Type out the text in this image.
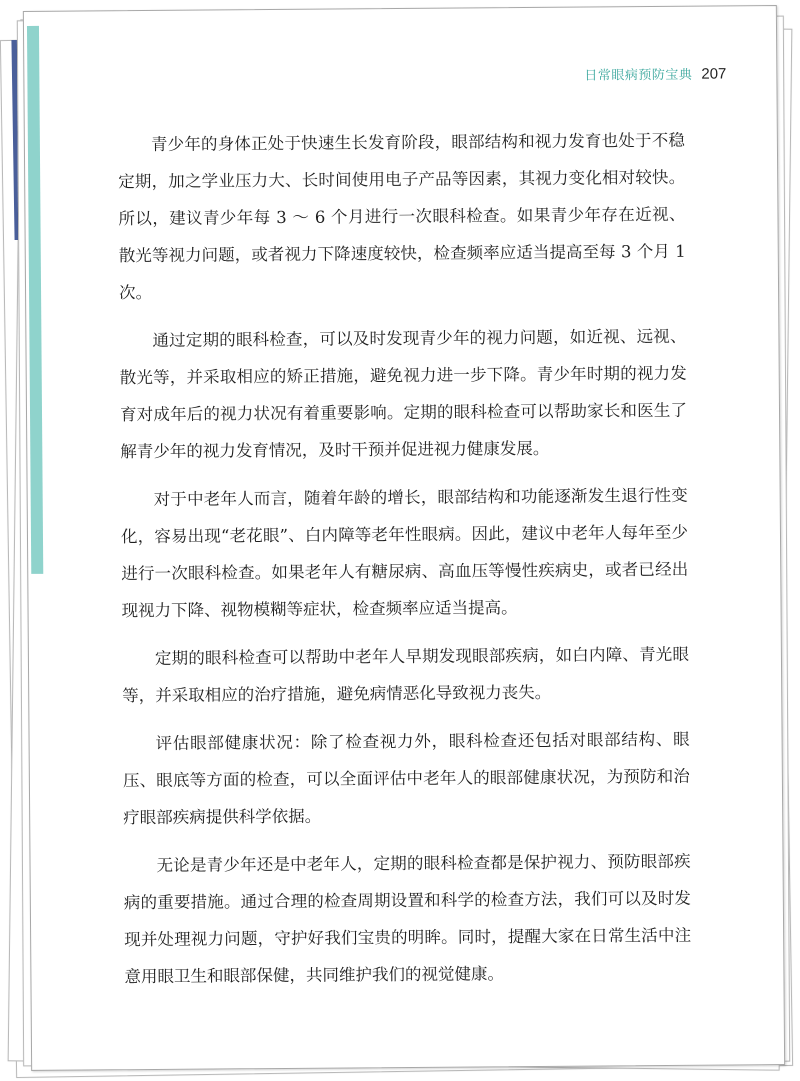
日常眼病预防宝典 207

青少年的身体正处于快速生长发育阶段，眼部结构和视力发育也处于不稳定期，加之学业压力大、长时间使用电子产品等因素，其视力变化相对较快。所以，建议青少年每 3 ～ 6 个月进行一次眼科检查。如果青少年存在近视、散光等视力问题，或者视力下降速度较快，检查频率应适当提高至每 3 个月 1 次。

通过定期的眼科检查，可以及时发现青少年的视力问题，如近视、远视、散光等，并采取相应的矫正措施，避免视力进一步下降。青少年时期的视力发育对成年后的视力状况有着重要影响。定期的眼科检查可以帮助家长和医生了解青少年的视力发育情况，及时干预并促进视力健康发展。

对于中老年人而言，随着年龄的增长，眼部结构和功能逐渐发生退行性变化，容易出现“老花眼”、白内障等老年性眼病。因此，建议中老年人每年至少进行一次眼科检查。如果老年人有糖尿病、高血压等慢性疾病史，或者已经出现视力下降、视物模糊等症状，检查频率应适当提高。

定期的眼科检查可以帮助中老年人早期发现眼部疾病，如白内障、青光眼等，并采取相应的治疗措施，避免病情恶化导致视力丧失。

评估眼部健康状况：除了检查视力外，眼科检查还包括对眼部结构、眼压、眼底等方面的检查，可以全面评估中老年人的眼部健康状况，为预防和治疗眼部疾病提供科学依据。

无论是青少年还是中老年人，定期的眼科检查都是保护视力、预防眼部疾病的重要措施。通过合理的检查周期设置和科学的检查方法，我们可以及时发现并处理视力问题，守护好我们宝贵的明眸。同时，提醒大家在日常生活中注意用眼卫生和眼部保健，共同维护我们的视觉健康。
